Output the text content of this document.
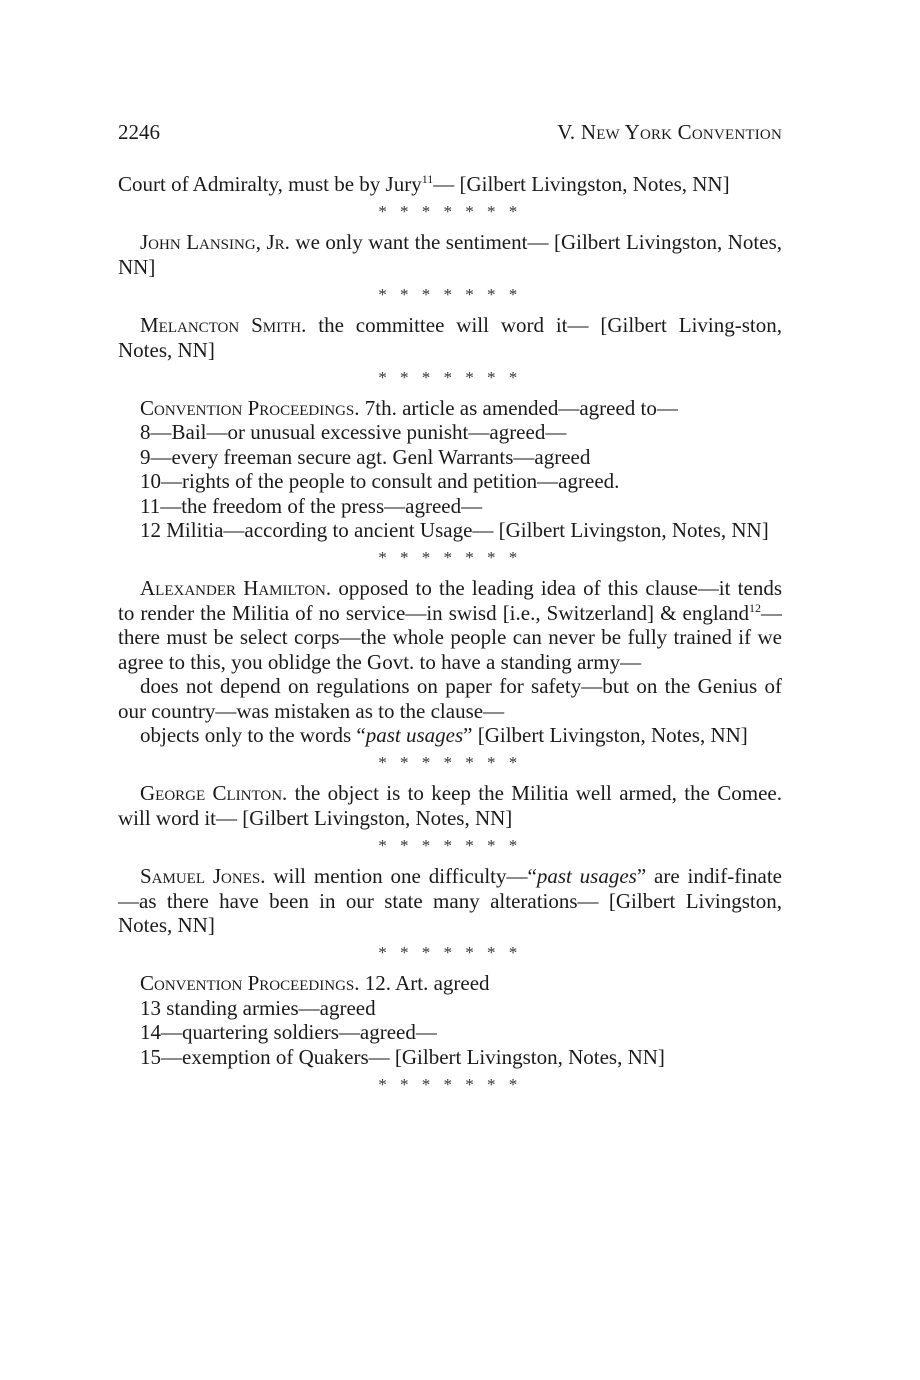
2246	V. New York Convention

Court of Admiralty, must be by Jury$^{11}$— [Gilbert Livingston, Notes, NN]

* * * * * * *

John Lansing, Jr. we only want the sentiment— [Gilbert Livingston, Notes, NN]

* * * * * * *

Melancton Smith. the committee will word it— [Gilbert Living-ston, Notes, NN]

* * * * * * *
Convention Proceedings. 7th. article as amended—agreed to—
8—Bail—or unusual excessive punisht—agreed—
9—every freeman secure agt. Genl Warrants—agreed
10—rights of the people to consult and petition—agreed.
11—the freedom of the press—agreed—

12 Militia—according to ancient Usage— [Gilbert Livingston, Notes, NN]

* * * * * * *

Alexander Hamilton. opposed to the leading idea of this clause—it tends to render the Militia of no service—in swisd [i.e., Switzerland] & england$^{12}$—there must be select corps—the whole people can never be fully trained if we agree to this, you oblidge the Govt. to have a standing army—

does not depend on regulations on paper for safety—but on the Genius of our country—was mistaken as to the clause—

objects only to the words “past usages” [Gilbert Livingston, Notes, NN]

* * * * * * *

George Clinton. the object is to keep the Militia well armed, the Comee. will word it— [Gilbert Livingston, Notes, NN]

* * * * * * *

Samuel Jones. will mention one difficulty—“past usages” are indif-finate—as there have been in our state many alterations— [Gilbert Livingston, Notes, NN]

* * * * * * *
Convention Proceedings. 12. Art. agreed
13 standing armies—agreed
14—quartering soldiers—agreed—
15—exemption of Quakers— [Gilbert Livingston, Notes, NN]
* * * * * * *
